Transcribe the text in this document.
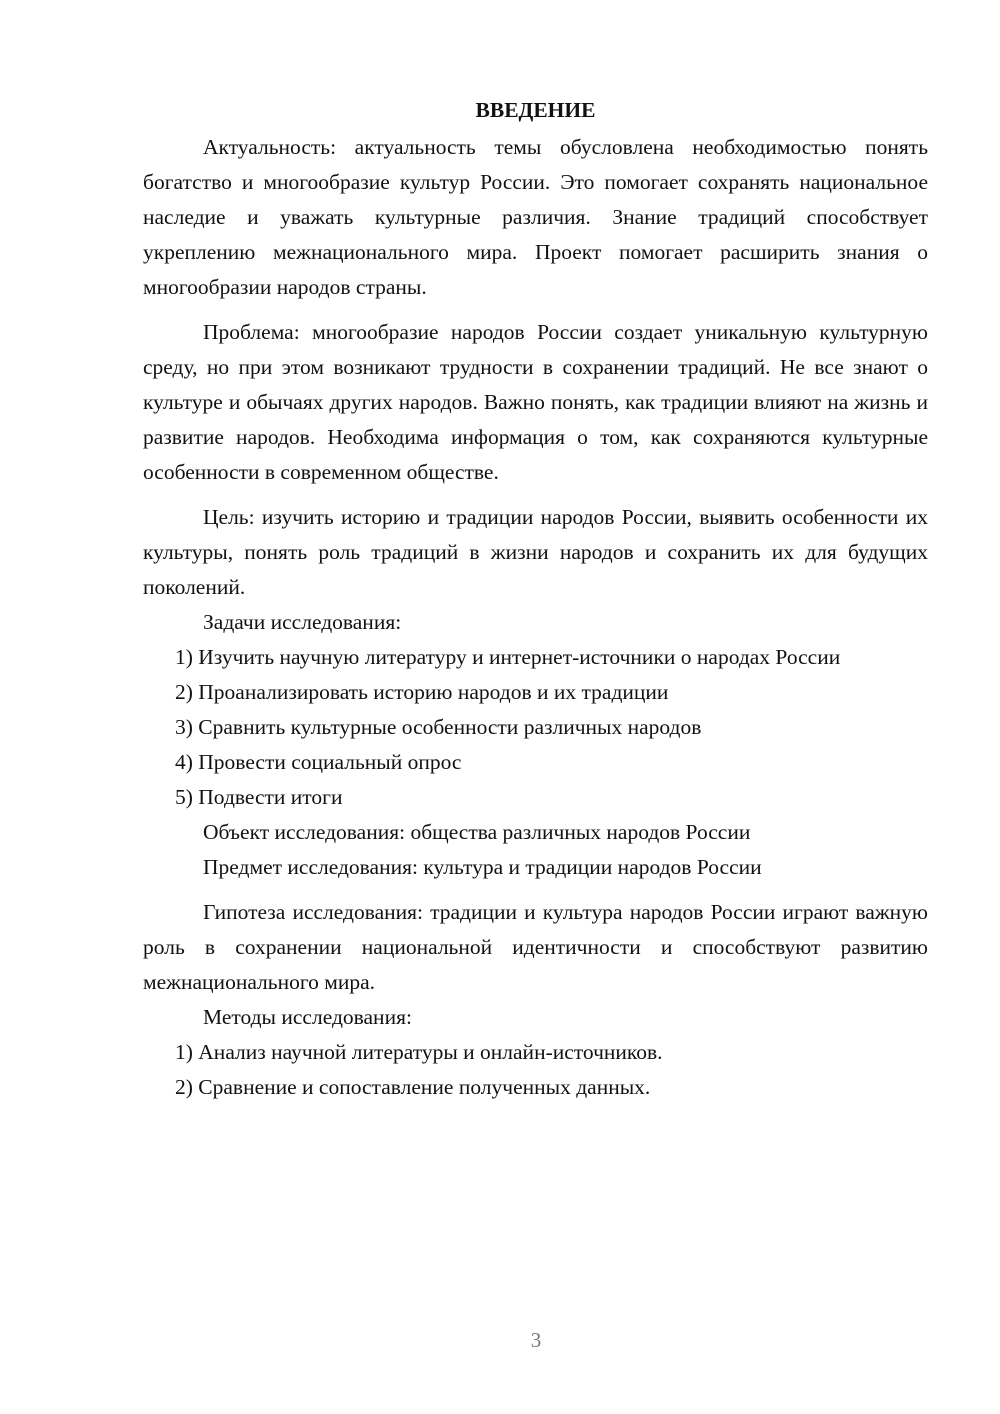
ВВЕДЕНИЕ

Актуальность: актуальность темы обусловлена необходимостью понять богатство и многообразие культур России. Это помогает сохранять национальное наследие и уважать культурные различия. Знание традиций способствует укреплению межнационального мира. Проект помогает расширить знания о многообразии народов страны.

Проблема: многообразие народов России создает уникальную культурную среду, но при этом возникают трудности в сохранении традиций. Не все знают о культуре и обычаях других народов. Важно понять, как традиции влияют на жизнь и развитие народов. Необходима информация о том, как сохраняются культурные особенности в современном обществе.

Цель: изучить историю и традиции народов России, выявить особенности их культуры, понять роль традиций в жизни народов и сохранить их для будущих поколений.

Задачи исследования:

1) Изучить научную литературу и интернет-источники о народах России

2) Проанализировать историю народов и их традиции

3) Сравнить культурные особенности различных народов

4) Провести социальный опрос

5) Подвести итоги

Объект исследования: общества различных народов России

Предмет исследования: культура и традиции народов России

Гипотеза исследования: традиции и культура народов России играют важную роль в сохранении национальной идентичности и способствуют развитию межнационального мира.

Методы исследования:

1) Анализ научной литературы и онлайн-источников.

2) Сравнение и сопоставление полученных данных.

3
